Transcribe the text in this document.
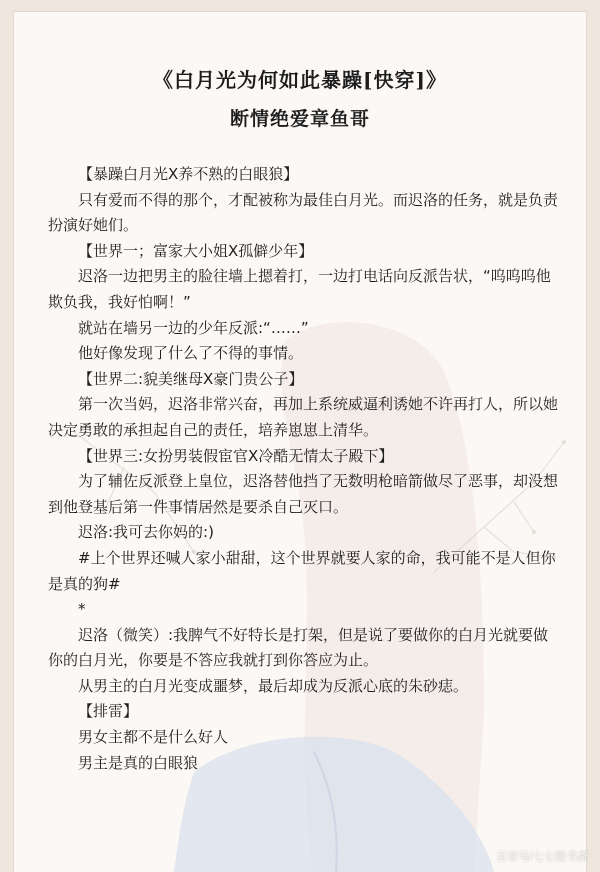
《白月光为何如此暴躁[快穿]》
断情绝爱章鱼哥

【暴躁白月光X养不熟的白眼狼】

只有爱而不得的那个，才配被称为最佳白月光。而迟洛的任务，就是负责扮演好她们。

【世界一；富家大小姐X孤僻少年】

迟洛一边把男主的脸往墙上摁着打，一边打电话向反派告状，“呜呜呜他欺负我，我好怕啊！”

就站在墙另一边的少年反派:“……”

他好像发现了什么了不得的事情。

【世界二:貌美继母X豪门贵公子】

第一次当妈，迟洛非常兴奋，再加上系统威逼利诱她不许再打人，所以她决定勇敢的承担起自己的责任，培养崽崽上清华。

【世界三:女扮男装假宦官X冷酷无情太子殿下】

为了辅佐反派登上皇位，迟洛替他挡了无数明枪暗箭做尽了恶事，却没想到他登基后第一件事情居然是要杀自己灭口。

迟洛:我可去你妈的:)

#上个世界还喊人家小甜甜，这个世界就要人家的命，我可能不是人但你是真的狗#

*

迟洛（微笑）:我脾气不好特长是打架，但是说了要做你的白月光就要做你的白月光，你要是不答应我就打到你答应为止。

从男主的白月光变成噩梦，最后却成为反派心底的朱砂痣。

【排雷】

男女主都不是什么好人

男主是真的白眼狼

百家号/七七橙书斋
